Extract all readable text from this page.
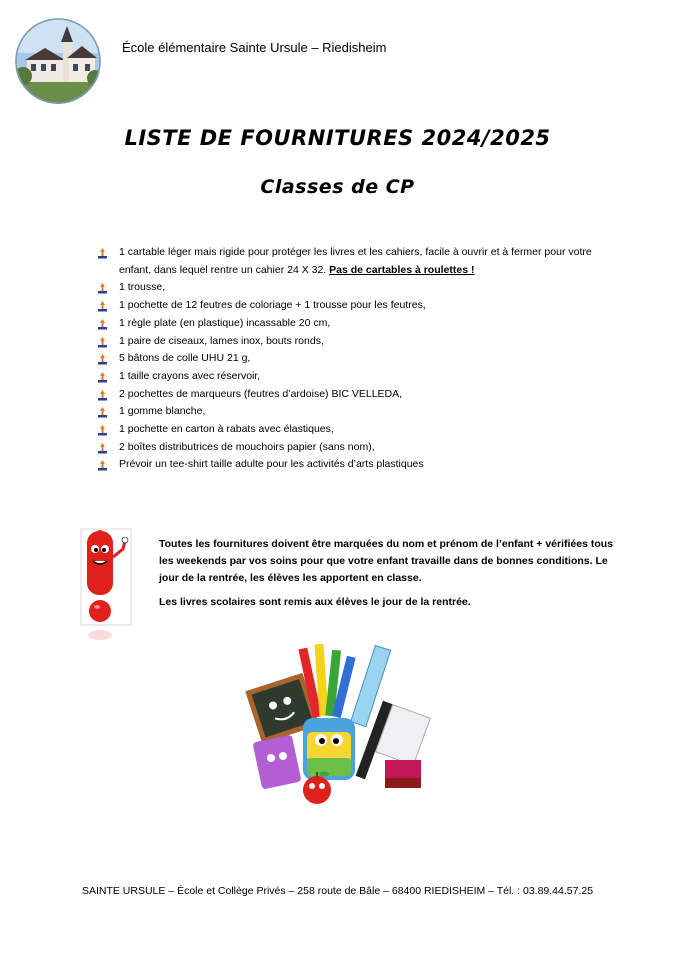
École élémentaire Sainte Ursule – Riedisheim
LISTE DE FOURNITURES 2024/2025
Classes de CP
1 cartable léger mais rigide pour protéger les livres et les cahiers, facile à ouvrir et à fermer pour votre enfant, dans lequel rentre un cahier 24 X 32. Pas de cartables à roulettes !
1 trousse,
1 pochette de 12 feutres de coloriage + 1 trousse pour les feutres,
1 règle plate (en plastique) incassable 20 cm,
1 paire de ciseaux, lames inox, bouts ronds,
5 bâtons de colle UHU 21 g,
1 taille crayons avec réservoir,
2 pochettes de marqueurs (feutres d’ardoise) BIC VELLEDA,
1 gomme blanche,
1 pochette en carton à rabats avec élastiques,
2 boîtes distributrices de mouchoirs papier (sans nom),
Prévoir un tee-shirt taille adulte pour les activités d’arts plastiques

Toutes les fournitures doivent être marquées du nom et prénom de l’enfant + vérifiées tous les weekends par vos soins pour que votre enfant travaille dans de bonnes conditions. Le jour de la rentrée, les élèves les apportent en classe.

Les livres scolaires sont remis aux élèves le jour de la rentrée.

SAINTE URSULE – École et Collège Privés – 258 route de Bâle – 68400 RIEDISHEIM – Tél. : 03.89.44.57.25
